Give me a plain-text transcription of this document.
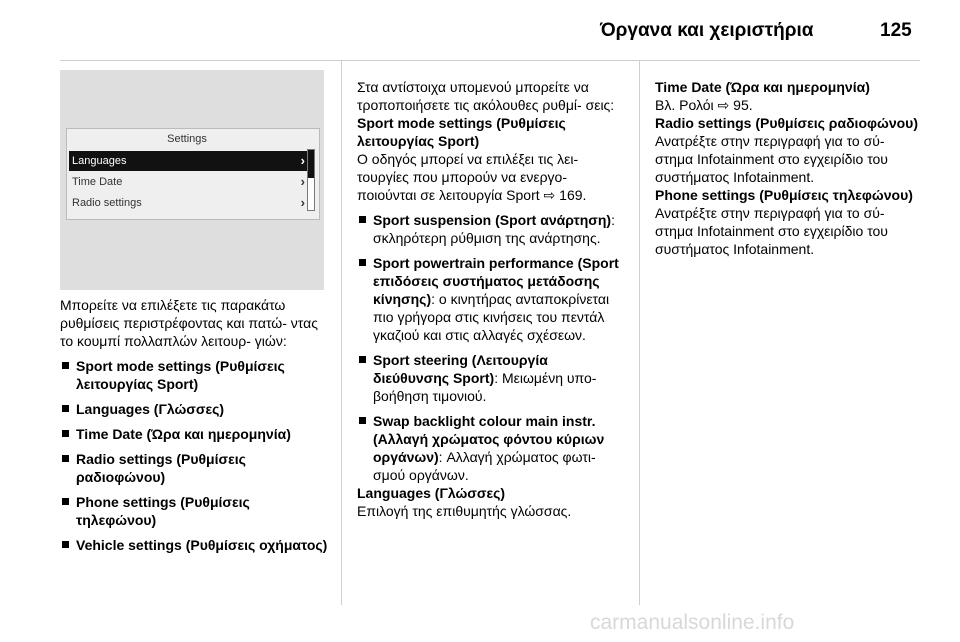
Όργανα και χειριστήρια	125
Settings
Languages	›
Time Date	›
Radio settings	›

Μπορείτε να επιλέξετε τις παρακάτω ρυθμίσεις περιστρέφοντας και πατώ- ντας το κουμπί πολλαπλών λειτουρ- γιών:

Sport mode settings (Ρυθμίσεις λειτουργίας Sport)
Languages (Γλώσσες)
Time Date (Ώρα και ημερομηνία)
Radio settings (Ρυθμίσεις ραδιοφώνου)
Phone settings (Ρυθμίσεις τηλεφώνου)
Vehicle settings (Ρυθμίσεις οχήματος)

Στα αντίστοιχα υπομενού μπορείτε να τροποποιήσετε τις ακόλουθες ρυθμί- σεις:

Sport mode settings (Ρυθμίσεις λειτουργίας Sport)

Ο οδηγός μπορεί να επιλέξει τις λει- τουργίες που μπορούν να ενεργο- ποιούνται σε λειτουργία Sport ⇨ 169.

Sport suspension (Sport ανάρτηση): σκληρότερη ρύθμιση της ανάρτησης.
Sport powertrain performance (Sport επιδόσεις συστήματος μετάδοσης κίνησης): ο κινητήρας ανταποκρίνεται πιο γρήγορα στις κινήσεις του πεντάλ γκαζιού και στις αλλαγές σχέσεων.
Sport steering (Λειτουργία διεύθυνσης Sport): Μειωμένη υπο- βοήθηση τιμονιού.
Swap backlight colour main instr. (Αλλαγή χρώματος φόντου κύριων οργάνων): Αλλαγή χρώματος φωτι- σμού οργάνων.

Languages (Γλώσσες)

Επιλογή της επιθυμητής γλώσσας.

Time Date (Ώρα και ημερομηνία)

Βλ. Ρολόι ⇨ 95.

Radio settings (Ρυθμίσεις ραδιοφώνου)

Ανατρέξτε στην περιγραφή για το σύ- στημα Infotainment στο εγχειρίδιο του συστήματος Infotainment.

Phone settings (Ρυθμίσεις τηλεφώνου)

Ανατρέξτε στην περιγραφή για το σύ- στημα Infotainment στο εγχειρίδιο του συστήματος Infotainment.

carmanualsonline.info
